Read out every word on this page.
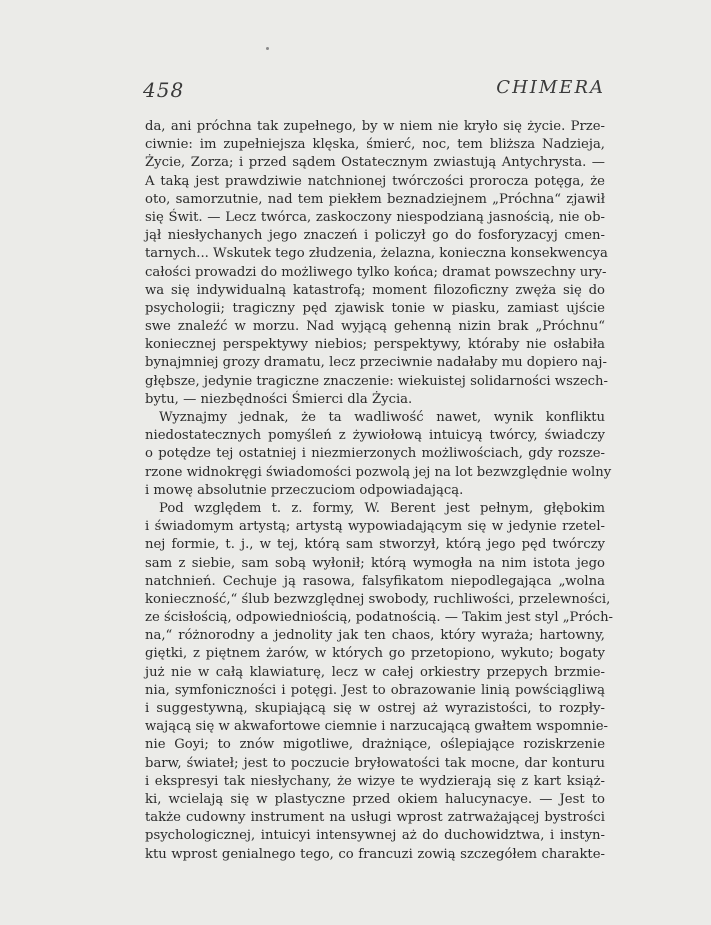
458	CHIMERA
da, ani próchna tak zupełnego, by w niem nie kryło się życie. Prze-
ciwnie: im zupełniejsza klęska, śmierć, noc, tem bliższa Nadzieja,
Życie, Zorza; i przed sądem Ostatecznym zwiastują Antychrysta. —
A taką jest prawdziwie natchnionej twórczości proroczа potęga, że
oto, samorzutnie, nad tem piekłem beznadziejnem „Próchna“ zjawił
się Świt. — Lecz twórca, zaskoczony niespodzianą jasnością, nie ob-
jął niesłychanych jego znaczeń i policzył go do fosforyzacyj cmen-
tarnych... Wskutek tego złudzenia, żelazna, konieczna konsekwencya
całości prowadzi do możliwego tylko końca; dramat powszechny ury-
wa się indywidualną katastrofą; moment filozoficzny zwęża się do
psychologii; tragiczny pęd zjawisk tonie w piasku, zamiast ujście
swe znaleźć w morzu. Nad wyjącą gehenną nizin brak „Próchnu“
koniecznej perspektywy niebios; perspektywy, któraby nie osłabiła
bynajmniej grozy dramatu, lecz przeciwnie nadałaby mu dopiero naj-
głębsze, jedynie tragiczne znaczenie: wiekuistej solidarności wszech-
bytu, — niezbędności Śmierci dla Życia.
Wyznajmy jednak, że ta wadliwość nawet, wynik konfliktu
niedostatecznych pomyśleń z żywiołową intuicyą twórcy, świadczy
o potędze tej ostatniej i niezmierzonych możliwościach, gdy rozsze-
rzone widnokręgi świadomości pozwolą jej na lot bezwzględnie wolny
i mowę absolutnie przeczuciom odpowiadającą.
Pod względem t. z. formy, W. Berent jest pełnym, głębokim
i świadomym artystą; artystą wypowiadającym się w jedynie rzetel-
nej formie, t. j., w tej, którą sam stworzył, którą jego pęd twórczy
sam z siebie, sam sobą wyłonił; którą wymogła na nim istota jego
natchnień. Cechuje ją rasowa, falsyfikatom niepodlegająca „wolna
konieczność,“ ślub bezwzględnej swobody, ruchliwości, przelewności,
ze ścisłością, odpowiedniością, podatnością. — Takim jest styl „Próch-
na,“ różnorodny a jednolity jak ten chaos, który wyraża; hartowny,
giętki, z piętnem żarów, w których go przetopiono, wykuto; bogaty
już nie w całą klawiaturę, lecz w całej orkiestry przepych brzmie-
nia, symfoniczności i potęgi. Jest to obrazowanie linią powściągliwą
i suggestywną, skupiającą się w ostrej aż wyrazistości, to rozpły-
wającą się w akwafortowe ciemnie i narzucającą gwałtem wspomnie-
nie Goyi; to znów migotliwe, drażniące, oślepiające roziskrzenie
barw, świateł; jest to poczucie bryłowatości tak mocne, dar konturu
i ekspresyi tak niesłychany, że wizye te wydzierają się z kart książ-
ki, wcielają się w plastyczne przed okiem halucynacye. — Jest to
także cudowny instrument na usługi wprost zatrważającej bystrości
psychologicznej, intuicyi intensywnej aż do duchowidztwa, i instyn-
ktu wprost genialnego tego, co francuzi zowią szczegółem charakte-
